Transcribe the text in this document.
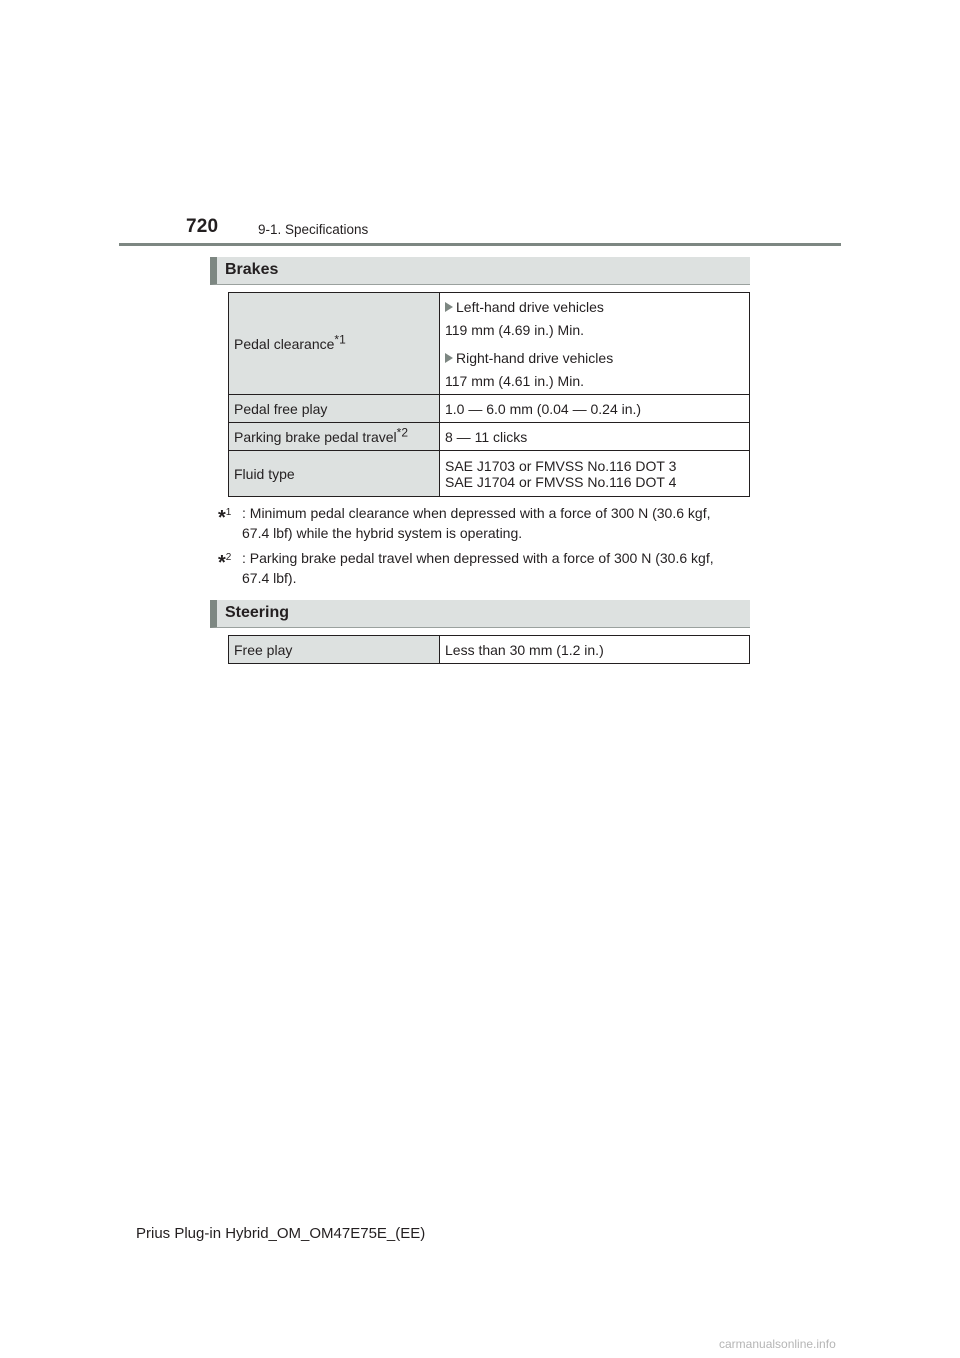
720	9-1. Specifications
Brakes
Pedal clearance*1	Left-hand drive vehicles
119 mm (4.69 in.) Min.
Right-hand drive vehicles
117 mm (4.61 in.) Min.

Pedal free play	1.0 — 6.0 mm (0.04 — 0.24 in.)
Parking brake pedal travel*2	8 — 11 clicks
Fluid type	SAE J1703 or FMVSS No.116 DOT 3
SAE J1704 or FMVSS No.116 DOT 4
*$^1$ : Minimum pedal clearance when depressed with a force of 300 N (30.6 kgf,
67.4 lbf) while the hybrid system is operating.
*$^2$ : Parking brake pedal travel when depressed with a force of 300 N (30.6 kgf,
67.4 lbf).
Steering
Free play	Less than 30 mm (1.2 in.)
Prius Plug-in Hybrid_OM_OM47E75E_(EE)
carmanualsonline.info
